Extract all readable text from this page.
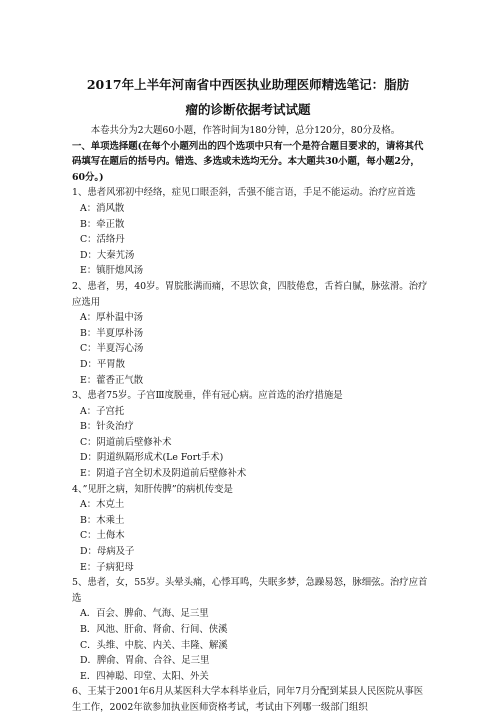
2017年上半年河南省中西医执业助理医师精选笔记：脂肪
瘤的诊断依据考试试题

本卷共分为2大题60小题，作答时间为180分钟，总分120分，80分及格。

一、单项选择题(在每个小题列出的四个选项中只有一个是符合题目要求的，请将其代码填写在题后的括号内。错选、多选或未选均无分。本大题共30小题，每小题2分，60分。)

1、患者风邪初中经络，症见口眼歪斜，舌强不能言语，手足不能运动。治疗应首选

A：消风散

B：牵正散

C：活络丹

D：大秦艽汤

E：镇肝熄风汤

2、患者，男，40岁。胃脘胀满而痛，不思饮食，四肢倦怠，舌苔白腻，脉弦滑。治疗应选用

A：厚朴温中汤

B：半夏厚朴汤

C：半夏泻心汤

D：平胃散

E：藿香正气散

3、患者75岁。子宫Ⅲ度脱垂，伴有冠心病。应首选的治疗措施是

A：子宫托

B：针灸治疗

C：阴道前后壁修补术

D：阴道纵隔形成术(Le Fort手术)

E：阴道子宫全切术及阴道前后壁修补术

4、”见肝之病，知肝传脾”的病机传变是

A：木克土

B：木乘土

C：土侮木

D：母病及子

E：子病犯母

5、患者，女，55岁。头晕头痛，心悸耳鸣，失眠多梦，急躁易怒，脉细弦。治疗应首选

A．百会、脾俞、气海、足三里

B．风池、肝俞、肾俞、行间、侠溪

C．头维、中脘、内关、丰隆、解溪

D．脾俞、胃俞、合谷、足三里

E．四神聪、印堂、太阳、外关

6、王某于2001年6月从某医科大学本科毕业后，同年7月分配到某县人民医院从事医生工作，2002年欲参加执业医师资格考试，考试由下列哪一级部门组织
